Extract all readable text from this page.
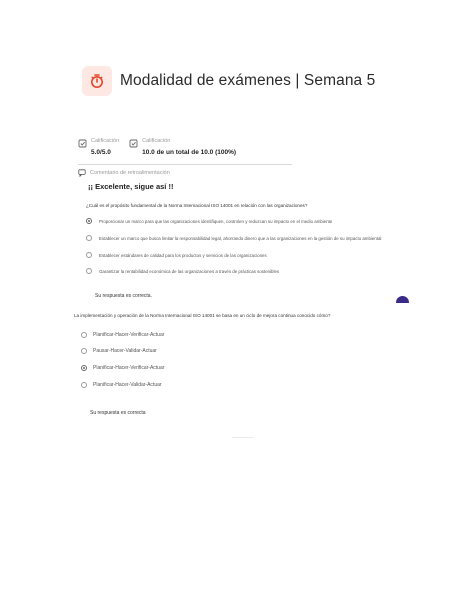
Modalidad de exámenes | Semana 5
Calificación
5.0/5.0
Calificación
10.0 de un total de 10.0 (100%)
Comentario de retroalimentación
¡¡ Excelente, sigue así !!
¿Cuál es el propósito fundamental de la Norma Internacional ISO 14001 en relación con las organizaciones?
Proporcionar un marco para que las organizaciones identifiquen, controlen y reduzcan su impacto en el medio ambiente
Establecer un marco que busca limitar la responsabilidad legal, ahorrando dinero que a las organizaciones en la gestión de su impacto ambiental
Establecer estándares de calidad para los productos y servicios de las organizaciones
Garantizar la rentabilidad económica de las organizaciones a través de prácticas sostenibles
Su respuesta es correcta.
La implementación y operación de la Norma Internacional ISO 14001 se basa en un ciclo de mejora continua conocido cómo?
Planificar-Hacer-Verificar-Actuar
Pausar-Hacer-Validar-Actuar
Planificar-Hacer-Verificar-Actuar
Planificar-Hacer-Validar-Actuar
Su respuesta es correcta
